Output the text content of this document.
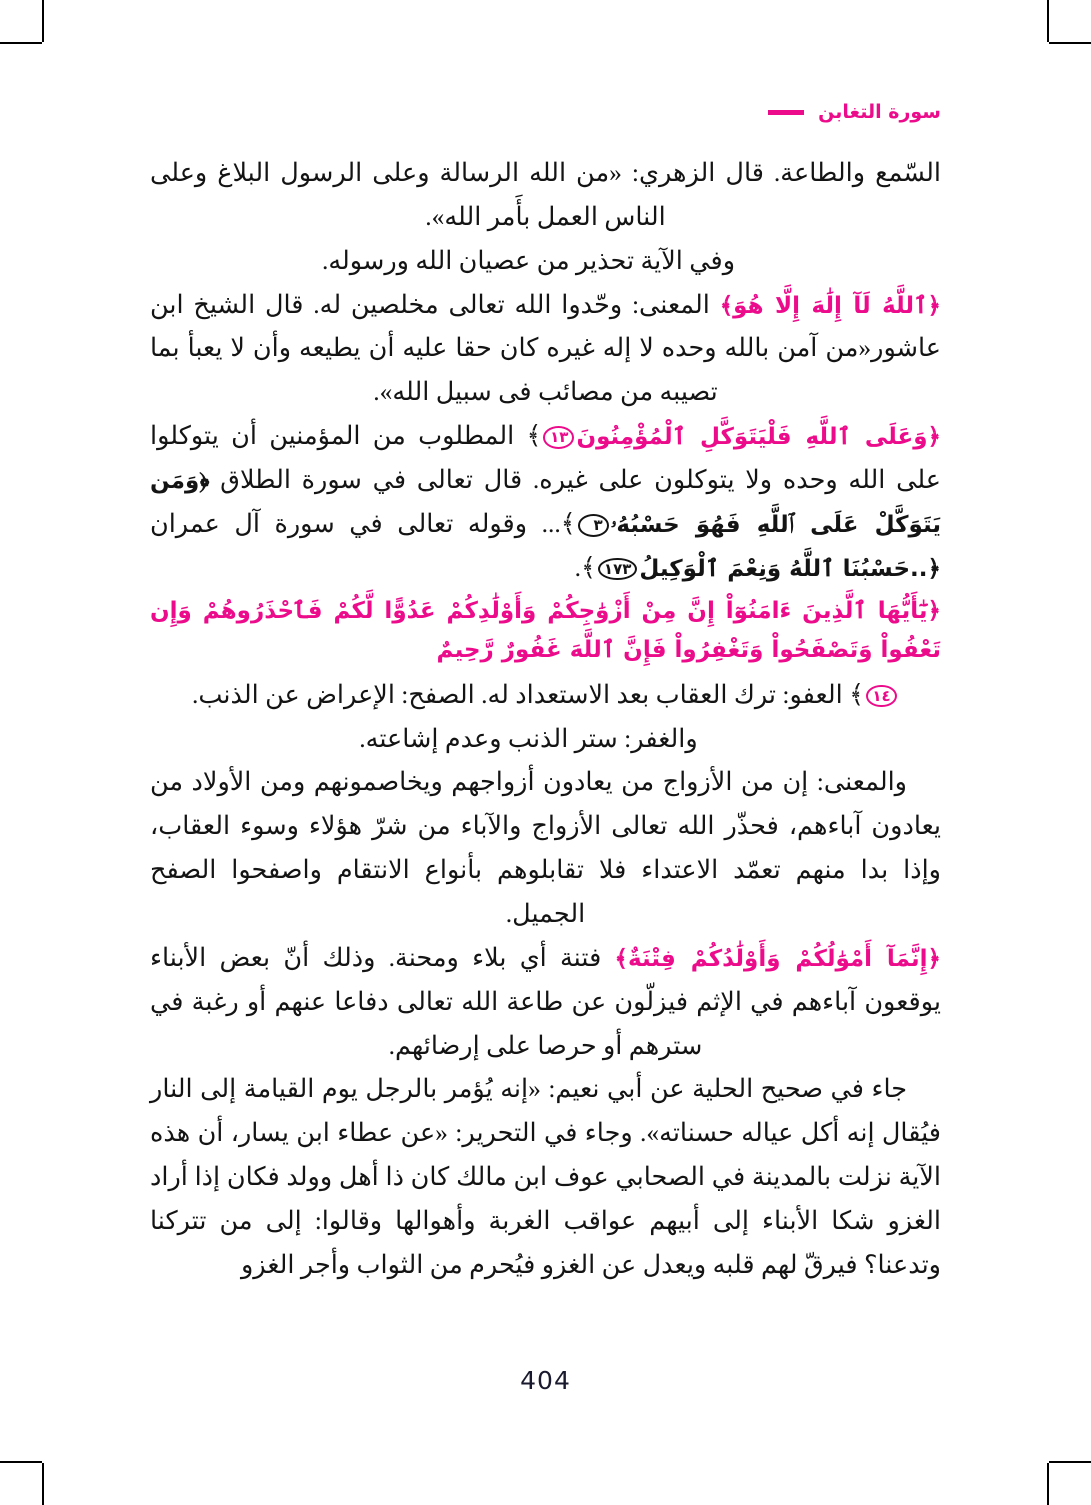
سورة التغابن

السّمع والطاعة. قال الزهري: «من الله الرسالة وعلى الرسول البلاغ وعلى الناس العمل بأَمر الله».

وفي الآية تحذير من عصيان الله ورسوله.

﴿ٱللَّهُ لَآ إِلَٰهَ إِلَّا هُوَ﴾ المعنى: وحّدوا الله تعالى مخلصين له. قال الشيخ ابن عاشور«من آمن بالله وحده لا إله غيره كان حقا عليه أن يطيعه وأن لا يعبأ بما تصيبه من مصائب فى سبيل الله».

﴿وَعَلَى ٱللَّهِ فَلْيَتَوَكَّلِ ٱلْمُؤْمِنُونَ١٣﴾ المطلوب من المؤمنين أن يتوكلوا على الله وحده ولا يتوكلون على غيره. قال تعالى في سورة الطلاق ﴿وَمَن يَتَوَكَّلْ عَلَى ٱللَّهِ فَهُوَ حَسْبُهُۥ٣﴾... وقوله تعالى في سورة آل عمران ﴿..حَسْبُنَا ٱللَّهُ وَنِعْمَ ٱلْوَكِيلُ١٧٣﴾.

﴿يَٰٓأَيُّهَا ٱلَّذِينَ ءَامَنُوٓاْ إِنَّ مِنْ أَزْوَٰجِكُمْ وَأَوْلَٰدِكُمْ عَدُوًّا لَّكُمْ فَٱحْذَرُوهُمْ وَإِن تَعْفُواْ وَتَصْفَحُواْ وَتَغْفِرُواْ فَإِنَّ ٱللَّهَ غَفُورٌ رَّحِيمٌ
١٤﴾ العفو: ترك العقاب بعد الاستعداد له. الصفح: الإعراض عن الذنب.

والغفر: ستر الذنب وعدم إشاعته.

والمعنى: إن من الأزواج من يعادون أزواجهم ويخاصمونهم ومن الأولاد من يعادون آباءهم، فحذّر الله تعالى الأزواج والآباء من شرّ هؤلاء وسوء العقاب، وإذا بدا منهم تعمّد الاعتداء فلا تقابلوهم بأنواع الانتقام واصفحوا الصفح الجميل.

﴿إِنَّمَآ أَمْوَٰلُكُمْ وَأَوْلَٰدُكُمْ فِتْنَةٌ﴾ فتنة أي بلاء ومحنة. وذلك أنّ بعض الأبناء يوقعون آباءهم في الإثم فيزلّون عن طاعة الله تعالى دفاعا عنهم أو رغبة في سترهم أو حرصا على إرضائهم.

جاء في صحيح الحلية عن أبي نعيم: «إنه يُؤمر بالرجل يوم القيامة إلى النار فيُقال إنه أكل عياله حسناته». وجاء في التحرير: «عن عطاء ابن يسار، أن هذه الآية نزلت بالمدينة في الصحابي عوف ابن مالك كان ذا أهل وولد فكان إذا أراد الغزو شكا الأبناء إلى أبيهم عواقب الغربة وأهوالها وقالوا: إلى من تتركنا وتدعنا؟ فيرقّ لهم قلبه ويعدل عن الغزو فيُحرم من الثواب وأجر الغزو

404
